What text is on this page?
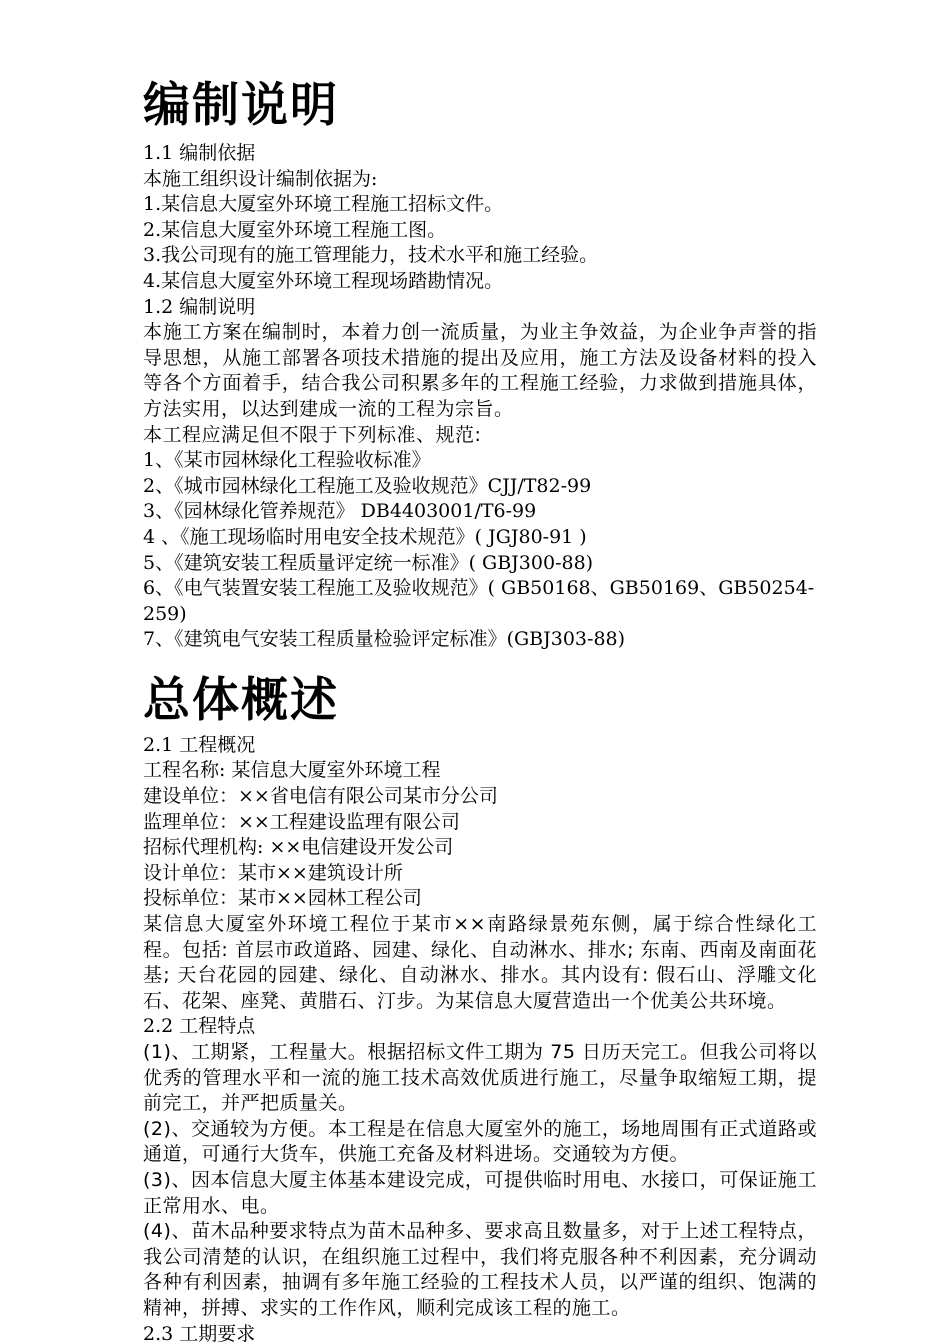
编制说明

1.1 编制依据

本施工组织设计编制依据为:

1.某信息大厦室外环境工程施工招标文件。

2.某信息大厦室外环境工程施工图。

3.我公司现有的施工管理能力，技术水平和施工经验。

4.某信息大厦室外环境工程现场踏勘情况。

1.2 编制说明

本施工方案在编制时，本着力创一流质量，为业主争效益，为企业争声誉的指导思想，从施工部署各项技术措施的提出及应用，施工方法及设备材料的投入等各个方面着手，结合我公司积累多年的工程施工经验，力求做到措施具体，方法实用，以达到建成一流的工程为宗旨。

本工程应满足但不限于下列标准、规范:

1、《某市园林绿化工程验收标准》

2、《城市园林绿化工程施工及验收规范》CJJ/T82-99

3、《园林绿化管养规范》 DB4403001/T6-99

4 、《施工现场临时用电安全技术规范》( JGJ80-91 )

5、《建筑安装工程质量评定统一标准》( GBJ300-88)

6、《电气装置安装工程施工及验收规范》( GB50168、GB50169、GB50254-259)

7、《建筑电气安装工程质量检验评定标准》(GBJ303-88)

总体概述

2.1 工程概况

工程名称: 某信息大厦室外环境工程

建设单位：××省电信有限公司某市分公司

监理单位：××工程建设监理有限公司

招标代理机构: ××电信建设开发公司

设计单位：某市××建筑设计所

投标单位：某市××园林工程公司

某信息大厦室外环境工程位于某市××南路绿景苑东侧，属于综合性绿化工程。包括: 首层市政道路、园建、绿化、自动淋水、排水; 东南、西南及南面花基; 天台花园的园建、绿化、自动淋水、排水。其内设有: 假石山、浮雕文化石、花架、座凳、黄腊石、汀步。为某信息大厦营造出一个优美公共环境。

2.2 工程特点

(1)、工期紧，工程量大。根据招标文件工期为 75 日历天完工。但我公司将以优秀的管理水平和一流的施工技术高效优质进行施工，尽量争取缩短工期，提前完工，并严把质量关。

(2)、交通较为方便。本工程是在信息大厦室外的施工，场地周围有正式道路或通道，可通行大货车，供施工充备及材料进场。交通较为方便。

(3)、因本信息大厦主体基本建设完成，可提供临时用电、水接口，可保证施工正常用水、电。

(4)、苗木品种要求特点为苗木品种多、要求高且数量多，对于上述工程特点，我公司清楚的认识，在组织施工过程中，我们将克服各种不利因素，充分调动各种有利因素，抽调有多年施工经验的工程技术人员，以严谨的组织、饱满的精神，拼搏、求实的工作作风，顺利完成该工程的施工。

2.3 工期要求
